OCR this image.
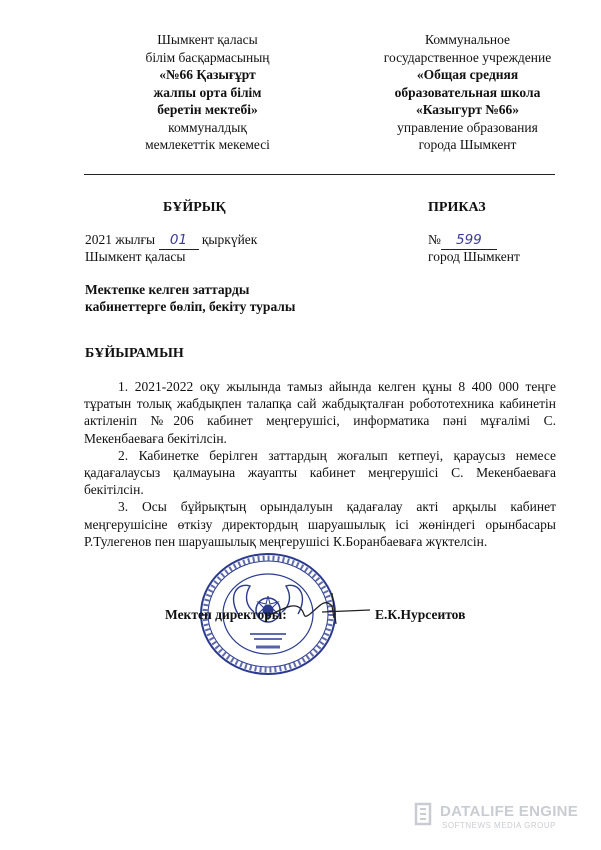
Шымкент қаласы
білім басқармасының
«№66 Қазығұрт
жалпы орта білім
беретін мектебі»
коммуналдық
мемлекеттік мекемесі
Коммунальное
государственное учреждение
«Общая средняя
образовательная школа
«Казыгурт №66»
управление образования
города Шымкент
БҰЙРЫҚ	ПРИКАЗ
2021 жылғы 01 қыркүйек
Шымкент қаласы
№ 599
город Шымкент
Мектепке келген заттарды
кабинеттерге бөліп, бекіту туралы
БҰЙЫРАМЫН

1. 2021-2022 оқу жылында тамыз айында келген құны 8 400 000 теңге тұратын толық жабдықпен талапқа сай жабдықталған робототехника кабинетін актіленіп №206 кабинет меңгерушісі, информатика пәні мұғалімі С. Мекенбаеваға бекітілсін.

2. Кабинетке берілген заттардың жоғалып кетпеуі, қараусыз немесе қадағалаусыз қалмауына жауапты кабинет меңгерушісі С. Мекенбаеваға бекітілсін.

3. Осы бұйрықтың орындалуын қадағалау акті арқылы кабинет меңгерушісіне өткізу директордың шаруашылық ісі жөніндегі орынбасары Р.Тулегенов пен шаруашылық меңгерушісі К.Боранбаеваға жүктелсін.

Мектеп директоры:	Е.К.Нурсеитов
DATALIFE ENGINE
SOFTNEWS MEDIA GROUP
